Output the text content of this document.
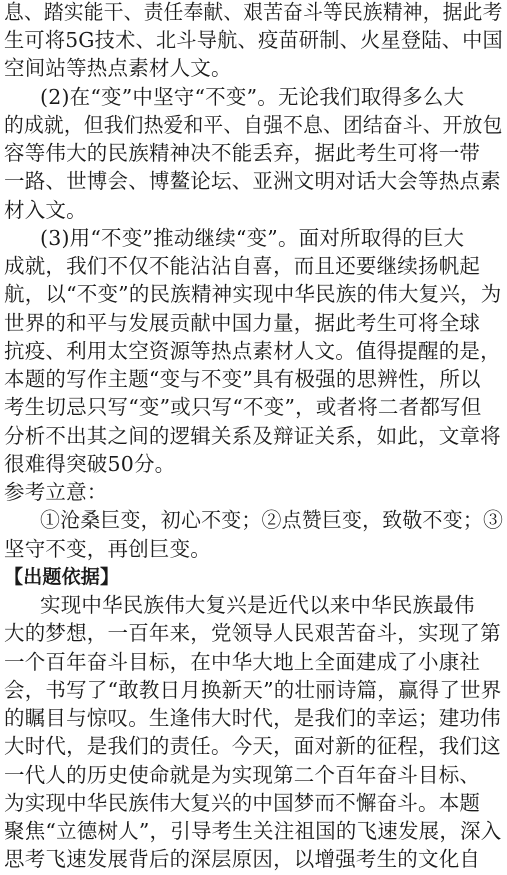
息、踏实能干、责任奉献、艰苦奋斗等民族精神，据此考
生可将5G技术、北斗导航、疫苗研制、火星登陆、中国
空间站等热点素材人文。
(2)在“变”中坚守“不变”。无论我们取得多么大
的成就，但我们热爱和平、自强不息、团结奋斗、开放包
容等伟大的民族精神决不能丢弃，据此考生可将一带
一路、世博会、博鳌论坛、亚洲文明对话大会等热点素
材入文。
(3)用“不变”推动继续“变”。面对所取得的巨大
成就，我们不仅不能沾沾自喜，而且还要继续扬帆起
航，以“不变”的民族精神实现中华民族的伟大复兴，为
世界的和平与发展贡献中国力量，据此考生可将全球
抗疫、利用太空资源等热点素材人文。值得提醒的是，
本题的写作主题“变与不变”具有极强的思辨性，所以
考生切忌只写“变”或只写“不变”，或者将二者都写但
分析不出其之间的逻辑关系及辩证关系，如此，文章将
很难得突破50分。
参考立意：
①沧桑巨变，初心不变；②点赞巨变，致敬不变；③
坚守不变，再创巨变。
【出题依据】
实现中华民族伟大复兴是近代以来中华民族最伟
大的梦想，一百年来，党领导人民艰苦奋斗，实现了第
一个百年奋斗目标，在中华大地上全面建成了小康社
会，书写了“敢教日月换新天”的壮丽诗篇，赢得了世界
的瞩目与惊叹。生逢伟大时代，是我们的幸运；建功伟
大时代，是我们的责任。今天，面对新的征程，我们这
一代人的历史使命就是为实现第二个百年奋斗目标、
为实现中华民族伟大复兴的中国梦而不懈奋斗。本题
聚焦“立德树人”，引导考生关注祖国的飞速发展，深入
思考飞速发展背后的深层原因，以增强考生的文化自
